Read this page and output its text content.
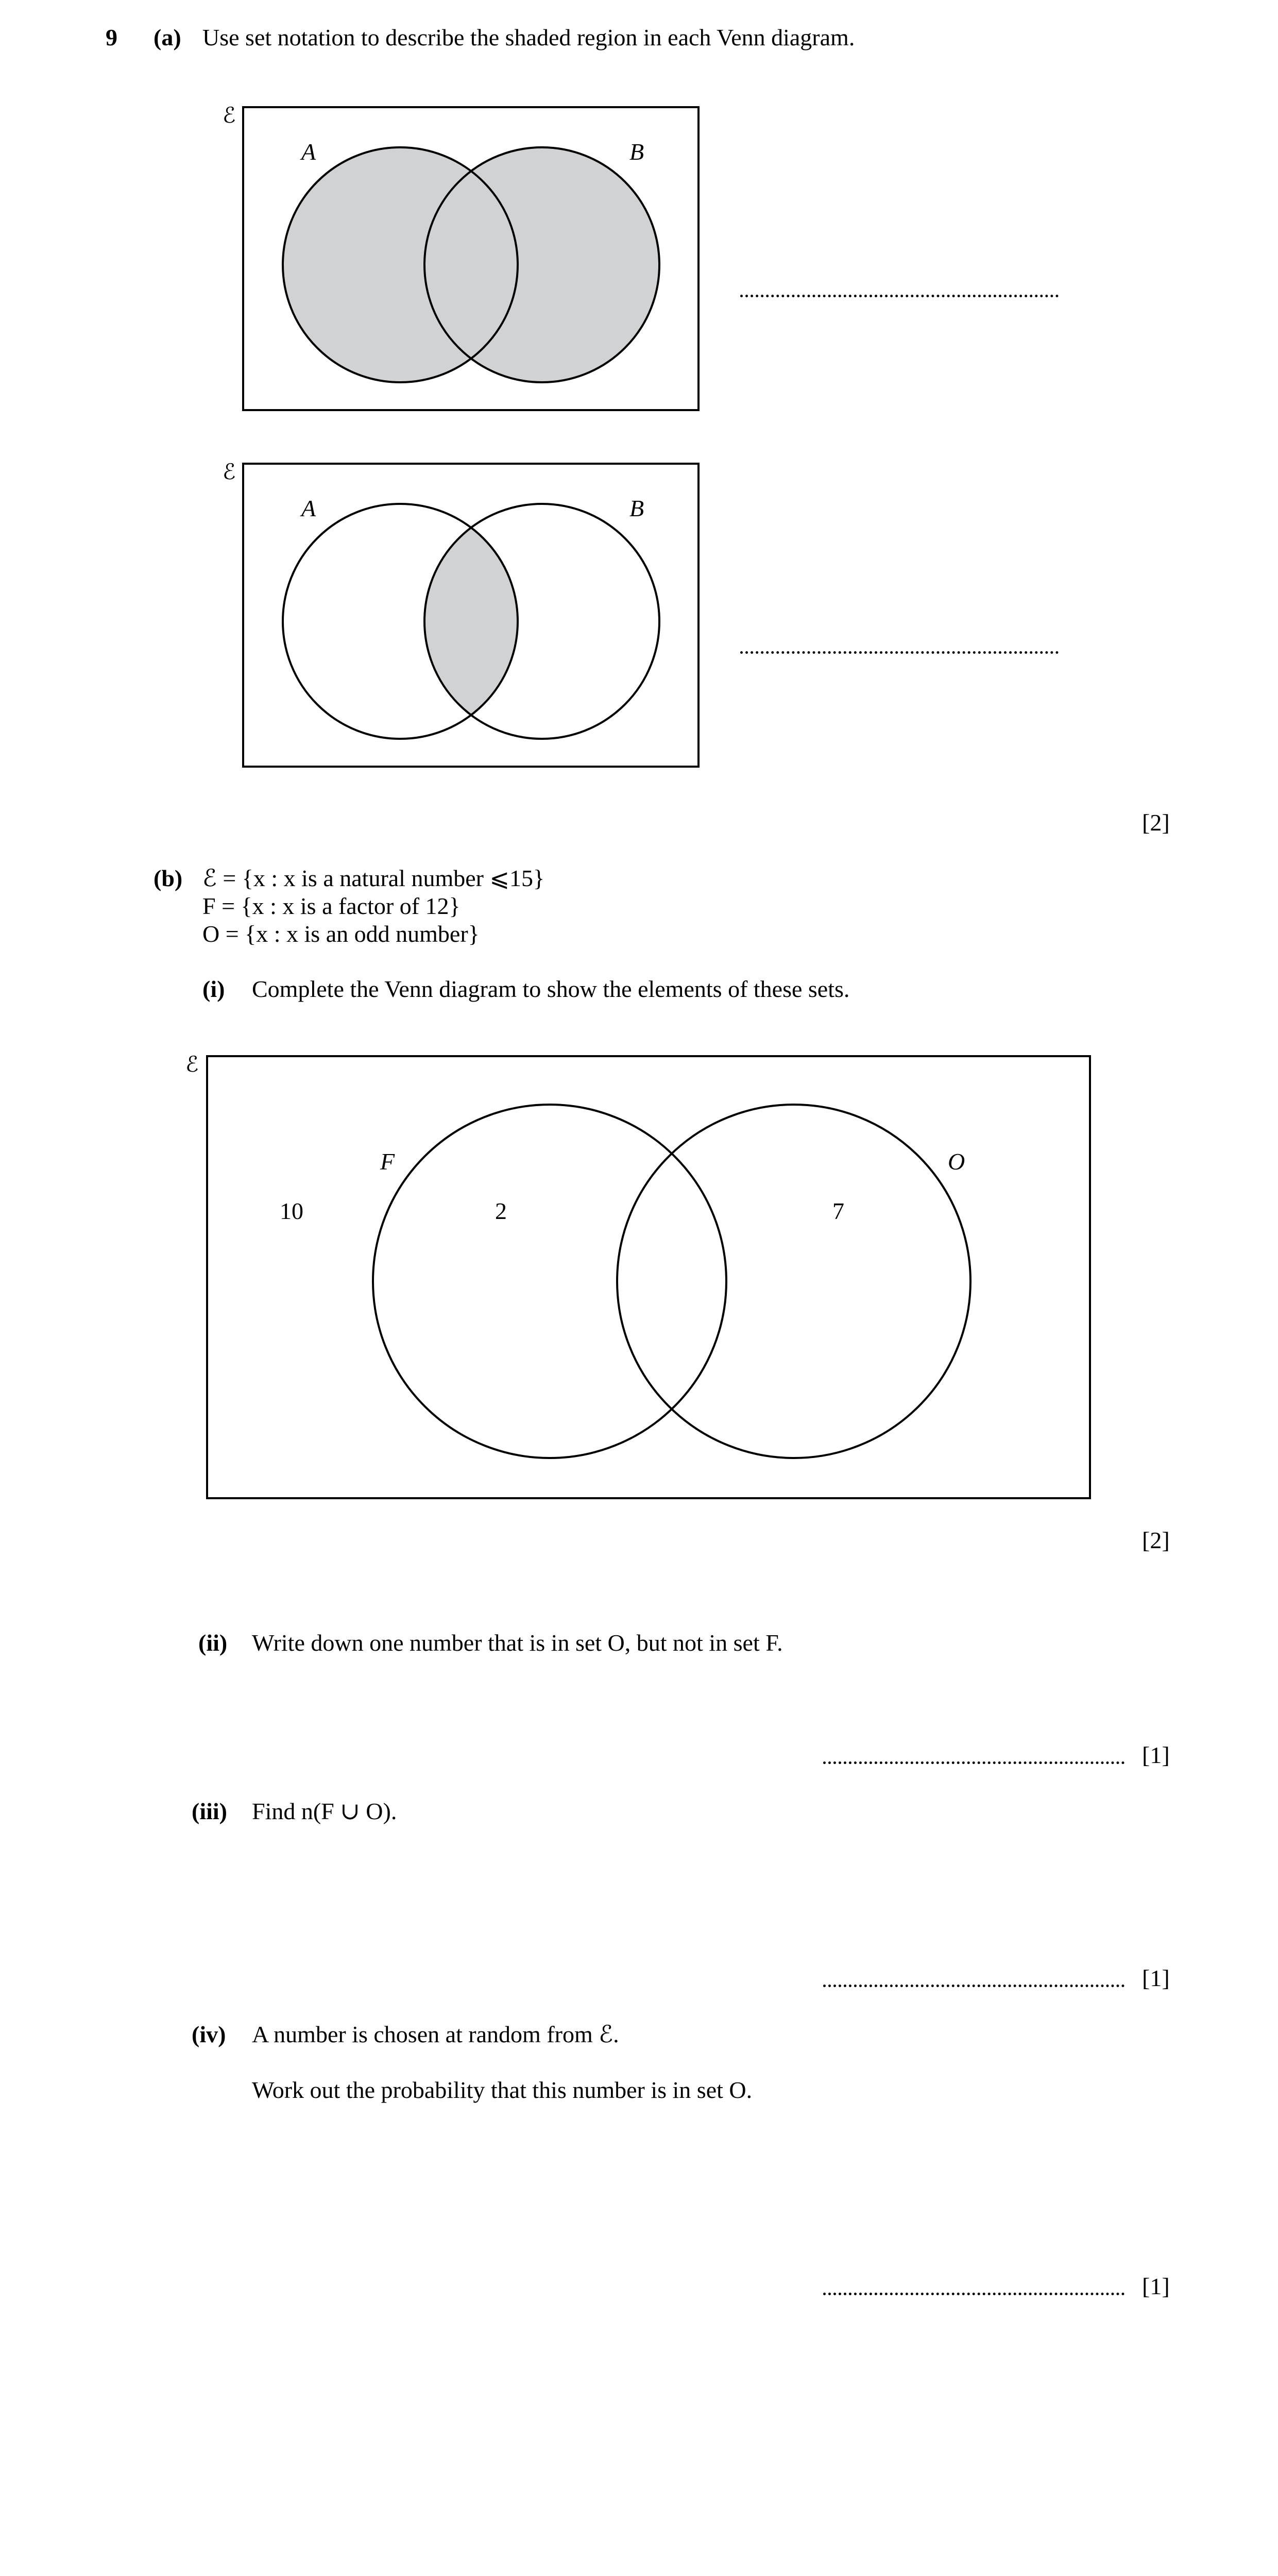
9 (a) Use set notation to describe the shaded region in each Venn diagram.
ℰ
A	B
ℰ
A	B
[2]
(b) ℰ = {x : x is a natural number ⩽15}
F = {x : x is a factor of 12}
O = {x : x is an odd number}
(i) Complete the Venn diagram to show the elements of these sets.
ℰ
F	O
10	2	7
[2]
(ii) Write down one number that is in set O, but not in set F.
[1]
(iii) Find n(F ∪ O).
[1]
(iv) A number is chosen at random from ℰ.
Work out the probability that this number is in set O.
[1]
